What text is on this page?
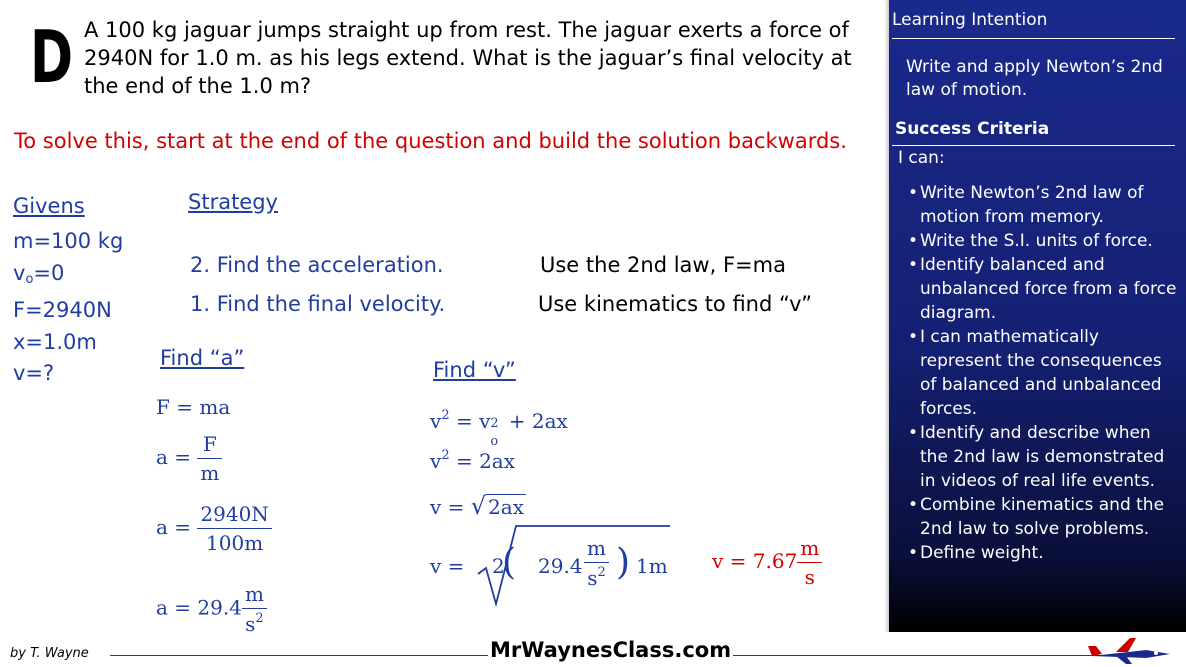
D A 100 kg jaguar jumps straight up from rest. The jaguar exerts a force of 2940N for 1.0 m. as his legs extend. What is the jaguar’s final velocity at the end of the 1.0 m?
To solve this, start at the end of the question and build the solution backwards.
Givens
m=100 kg
$v_o=0$
F=2940N
x=1.0m
v=?
Strategy
2. Find the acceleration.	Use the 2nd law, F=ma
1. Find the final velocity.	Use kinematics to find “v”
Find “a”
F = ma
$a = \frac{F}{m}$
$a = \frac{2940N}{100m}$
$a = 29.4 \frac{m}{s^2}$
Find “v”
$v^2 = v$ 2
o
+ 2ax
$v^2 = 2ax$
v = √ 2ax
v = (
2 $29.4 \frac{m}{s^2}$ ) 1m $v = 7.67 \frac{m}{s}$
Learning Intention
Write and apply Newton’s 2nd law of motion.
Success Criteria
I can:
• Write Newton’s 2nd law of motion from memory.
• Write the S.I. units of force.
• Identify balanced and unbalanced force from a force diagram.
• I can mathematically represent the consequences of balanced and unbalanced forces.
• Identify and describe when the 2nd law is demonstrated in videos of real life events.
• Combine kinematics and the 2nd law to solve problems.
• Define weight.
by T. Wayne	MrWaynesClass.com
